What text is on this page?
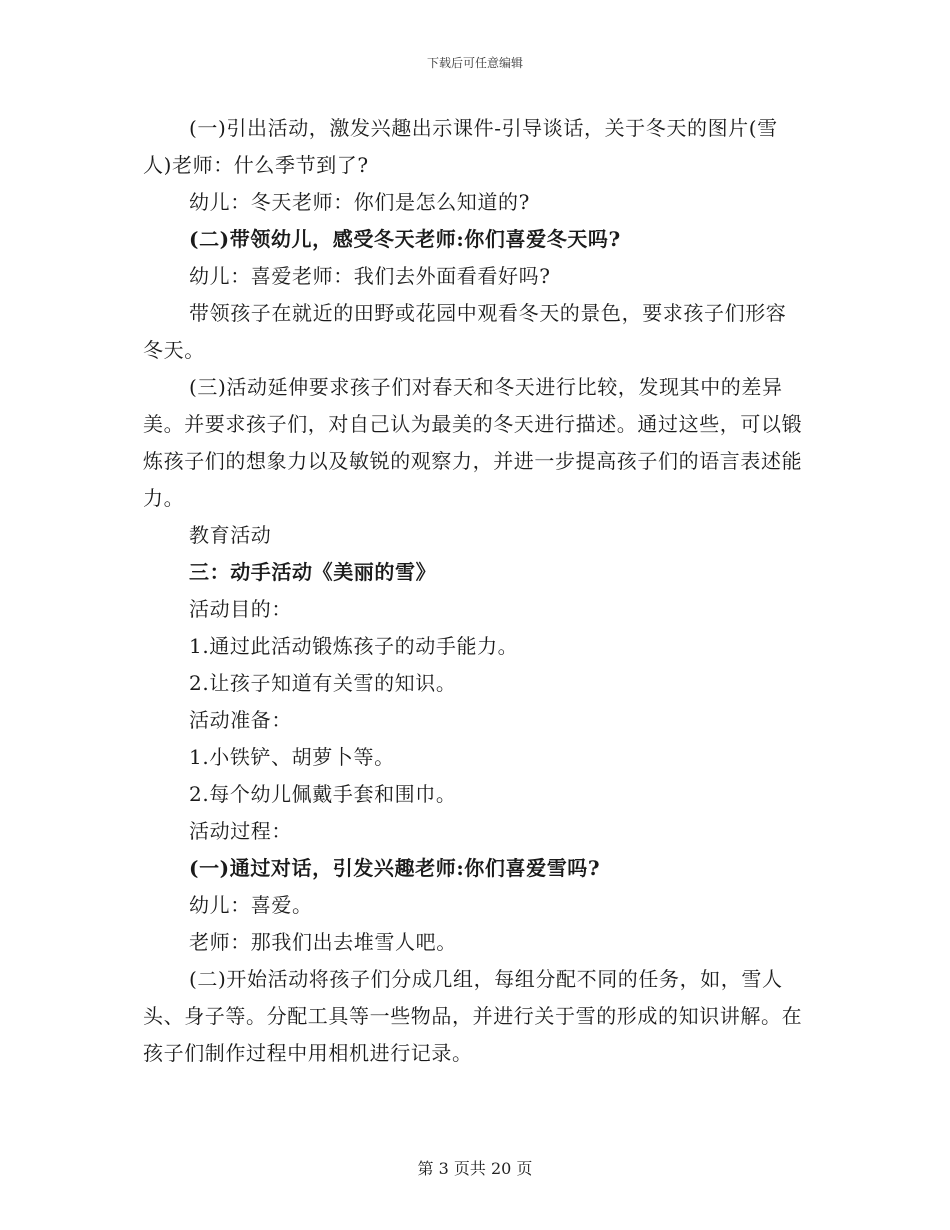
下载后可任意编辑

(一)引出活动，激发兴趣出示课件-引导谈话，关于冬天的图片(雪人)老师：什么季节到了?

幼儿：冬天老师：你们是怎么知道的?

(二)带领幼儿，感受冬天老师:你们喜爱冬天吗?

幼儿：喜爱老师：我们去外面看看好吗?

带领孩子在就近的田野或花园中观看冬天的景色，要求孩子们形容冬天。

(三)活动延伸要求孩子们对春天和冬天进行比较，发现其中的差异美。并要求孩子们，对自己认为最美的冬天进行描述。通过这些，可以锻炼孩子们的想象力以及敏锐的观察力，并进一步提高孩子们的语言表述能力。

教育活动

三：动手活动《美丽的雪》

活动目的：

1.通过此活动锻炼孩子的动手能力。

2.让孩子知道有关雪的知识。

活动准备：

1.小铁铲、胡萝卜等。

2.每个幼儿佩戴手套和围巾。

活动过程：

(一)通过对话，引发兴趣老师:你们喜爱雪吗?

幼儿：喜爱。

老师：那我们出去堆雪人吧。

(二)开始活动将孩子们分成几组，每组分配不同的任务，如，雪人头、身子等。分配工具等一些物品，并进行关于雪的形成的知识讲解。在孩子们制作过程中用相机进行记录。

第 3 页共 20 页
